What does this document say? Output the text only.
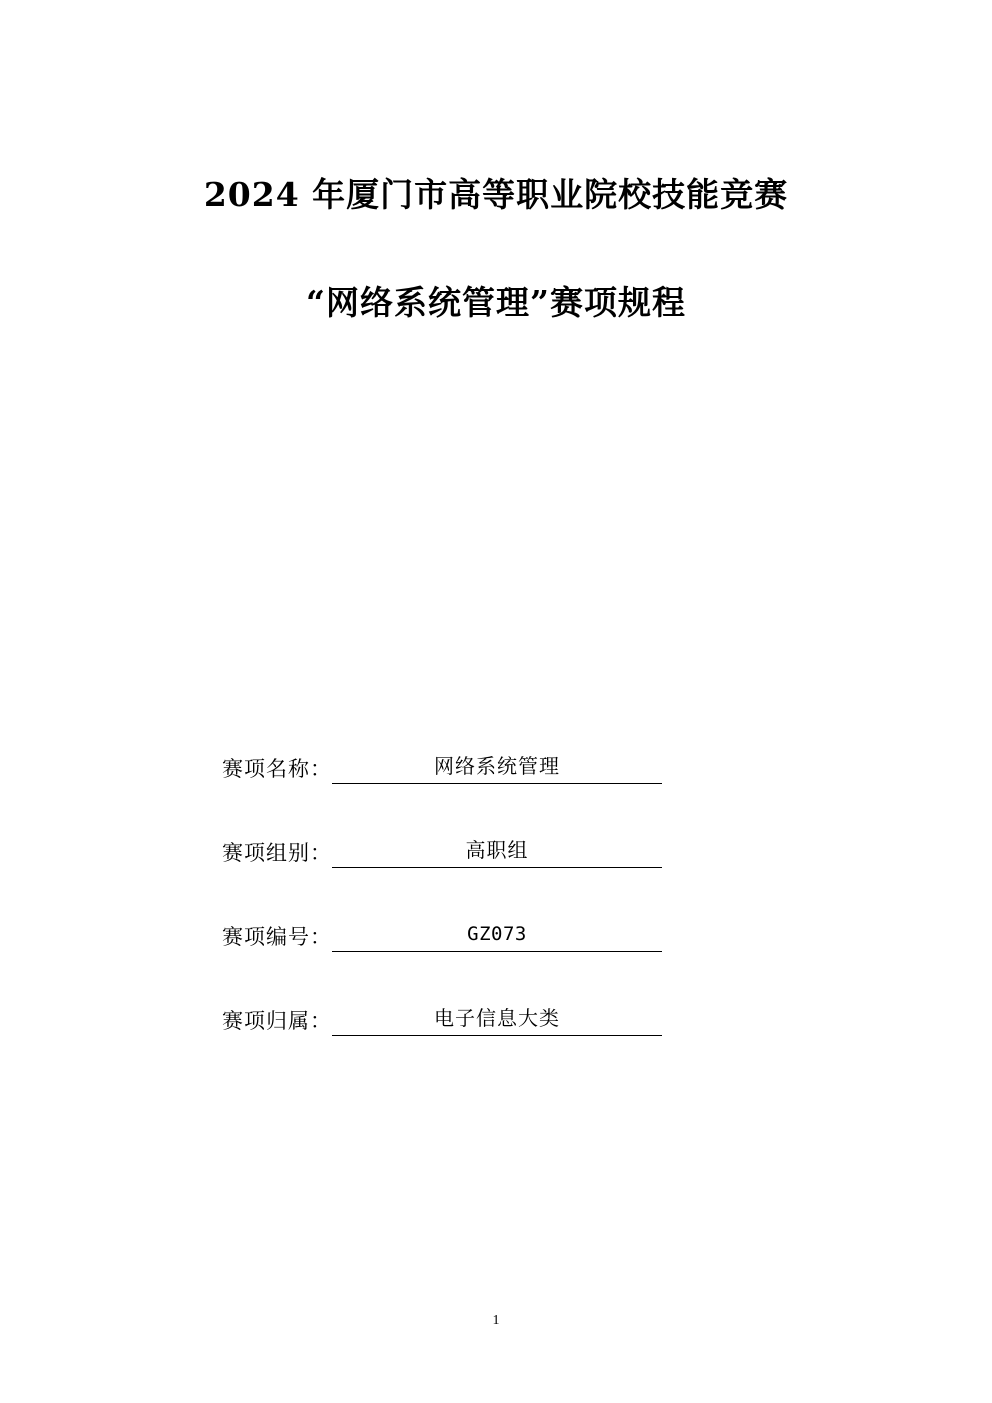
2024 年厦门市高等职业院校技能竞赛
“网络系统管理”赛项规程
赛项名称：	网络系统管理
赛项组别：	高职组
赛项编号：	GZ073
赛项归属：	电子信息大类
1
